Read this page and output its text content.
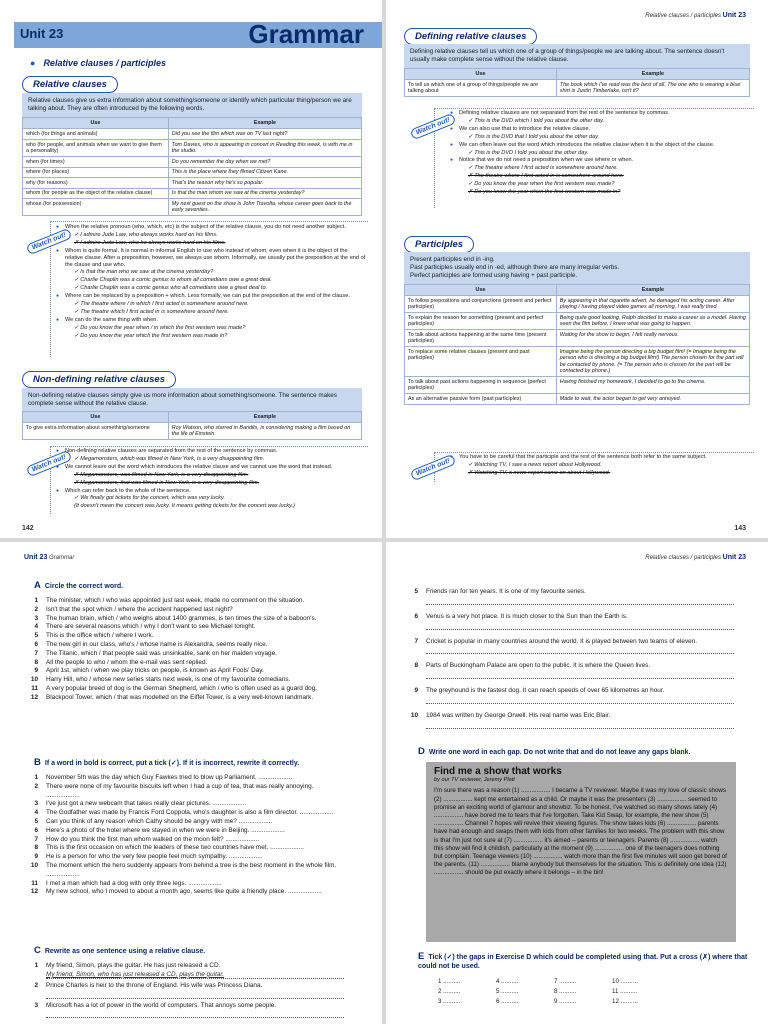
Unit 23	Grammar
● Relative clauses / participles
Relative clauses
Relative clauses give us extra information about something/someone or identify which particular thing/person we are talking about. They are often introduced by the following words.
Use	Example
which (for things and animals)	Did you see the film which was on TV last night?
who (for people, and animals when we want to give them a personality)	Tom Davies, who is appearing in concert in Reading this week, is with me in the studio.
when (for times)	Do you remember the day when we met?
where (for places)	This is the place where they filmed Citizen Kane.
why (for reasons)	That's the reason why he's so popular.
whom (for people as the object of the relative clause)	Is that the man whom we saw at the cinema yesterday?
whose (for possession)	My next guest on the show is John Travolta, whose career goes back to the early seventies.
Watch out!

● When the relative pronoun (who, which, etc) is the subject of the relative clause, you do not need another subject.

✓ I admire Jude Law, who always works hard on his films.

✗ I admire Jude Law, who he always works hard on his films.

● Whom is quite formal. It is normal in informal English to use who instead of whom, even when it is the object of the relative clause. After a preposition, however, we always use whom. Informally, we usually put the preposition at the end of the clause and use who.

✓ Is that the man who we saw at the cinema yesterday?

✓ Charlie Chaplin was a comic genius to whom all comedians owe a great deal.

✓ Charlie Chaplin was a comic genius who all comedians owe a great deal to.

● Where can be replaced by a preposition + which. Less formally, we can put the preposition at the end of the clause.

✓ The theatre where / in which I first acted is somewhere around here.

✓ The theatre which I first acted in is somewhere around here.

● We can do the same thing with when.

✓ Do you know the year when / in which the first western was made?

✓ Do you know the year which the first western was made in?

Non-defining relative clauses
Non-defining relative clauses simply give us more information about something/someone. The sentence makes complete sense without the relative clause.
Use	Example
To give extra information about something/someone	Roy Watson, who starred in Bandits, is considering making a film based on the life of Einstein.
Watch out!

● Non-defining relative clauses are separated from the rest of the sentence by commas.

✓ Megamonsters, which was filmed in New York, is a very disappointing film.

● We cannot leave out the word which introduces the relative clause and we cannot use the word that instead.

✗ Megamonsters, was filmed in New York, is a very disappointing film.

✗ Megamonsters, that was filmed in New York, is a very disappointing film.

● Which can refer back to the whole of the sentence.

✓ We finally got tickets for the concert, which was very lucky.

(It doesn't mean the concert was lucky. It means getting tickets for the concert was lucky.)

142
Relative clauses / participles Unit 23
Defining relative clauses
Defining relative clauses tell us which one of a group of things/people we are talking about. The sentence doesn't usually make complete sense without the relative clause.
Use	Example
To tell us which one of a group of things/people we are talking about	The book which I've read was the best of all. The one who is wearing a blue shirt is Justin Timberlake, isn't it?
Watch out!

● Defining relative clauses are not separated from the rest of the sentence by commas.

✓ This is the DVD which I told you about the other day.

● We can also use that to introduce the relative clause.

✓ This is the DVD that I told you about the other day.

● We can often leave out the word which introduces the relative clause when it is the object of the clause.

✓ This is the DVD I told you about the other day.

● Notice that we do not need a preposition when we use where or when.

✓ The theatre where I first acted is somewhere around here.

✗ The theatre where I first acted in is somewhere around here.

✓ Do you know the year when the first western was made?

✗ Do you know the year when the first western was made in?

Participles
Present participles end in -ing.
Past participles usually end in -ed, although there are many irregular verbs.
Perfect participles are formed using having + past participle.
Use	Example
To follow prepositions and conjunctions (present and perfect participles)	By appearing in that cigarette advert, he damaged his acting career. After playing / having played video games all morning, I was really tired.
To explain the reason for something (present and perfect participles)	Being quite good looking, Ralph decided to make a career as a model. Having seen the film before, I knew what was going to happen.
To talk about actions happening at the same time (present participles)	Waiting for the show to begin, I felt really nervous.
To replace some relative clauses (present and past participles)	Imagine being the person directing a big budget film! (= Imagine being the person who is directing a big budget film!) The person chosen for the part will be contacted by phone. (= The person who is chosen for the part will be contacted by phone.)
To talk about past actions happening in sequence (perfect participles)	Having finished my homework, I decided to go to the cinema.
As an alternative passive form (past participles)	Made to wait, the actor began to get very annoyed.
Watch out!

● You have to be careful that the participle and the rest of the sentence both refer to the same subject.

✓ Watching TV, I saw a news report about Hollywood.

✗ Watching TV, a news report came on about Hollywood.

143
Unit 23 Grammar
A Circle the correct word.
1	The minister, which / who was appointed just last week, made no comment on the situation.
2	Isn't that the spot which / where the accident happened last night?
3	The human brain, which / who weighs about 1400 grammes, is ten times the size of a baboon's.
4	There are several reasons which / why I don't want to see Michael tonight.
5	This is the office which / where I work.
6	The new girl in our class, who's / whose name is Alexandra, seems really nice.
7	The Titanic, which / that people said was unsinkable, sank on her maiden voyage.
8	All the people to who / whom the e-mail was sent replied.
9	April 1st, which / when we play tricks on people, is known as April Fools' Day.
10	Harry Hill, who / whose new series starts next week, is one of my favourite comedians.
11	A very popular breed of dog is the German Shepherd, which / who is often used as a guard dog.
12	Blackpool Tower, which / that was modelled on the Eiffel Tower, is a very well-known landmark.
B If a word in bold is correct, put a tick (✓). If it is incorrect, rewrite it correctly.
1	November 5th was the day which Guy Fawkes tried to blow up Parliament. ...................
2	There were none of my favourite biscuits left when I had a cup of tea, that was really annoying. ...................
3	I've just got a new webcam that takes really clear pictures. ...................
4	The Godfather was made by Francis Ford Coppola, who's daughter is also a film director. ...................
5	Can you think of any reason which Cathy should be angry with me? ...................
6	Here's a photo of the hotel where we stayed in when we were in Beijing. ...................
7	How do you think the first man whom walked on the moon felt? ...................
8	This is the first occasion on which the leaders of these two countries have met. ...................
9	He is a person for who the very few people feel much sympathy. ...................
10	The moment which the hero suddenly appears from behind a tree is the best moment in the whole film. ...................
11	I met a man which had a dog with only three legs. ...................
12	My new school, who I moved to about a month ago, seems like quite a friendly place. ...................
C Rewrite as one sentence using a relative clause.
1	My friend, Simon, plays the guitar. He has just released a CD.
My friend, Simon, who has just released a CD, plays the guitar.
2	Prince Charles is heir to the throne of England. His wife was Princess Diana.
3	Microsoft has a lot of power in the world of computers. That annoys some people.
Relative clauses / participles Unit 23
5	Friends ran for ten years. It is one of my favourite series.
6	Venus is a very hot place. It is much closer to the Sun than the Earth is.
7	Cricket is popular in many countries around the world. It is played between two teams of eleven.
8	Parts of Buckingham Palace are open to the public. It is where the Queen lives.
9	The greyhound is the fastest dog. It can reach speeds of over 65 kilometres an hour.
10	1984 was written by George Orwell. His real name was Eric Blair.
D Write one word in each gap. Do not write that and do not leave any gaps blank.
Find me a show that works
by our TV reviewer, Jeremy Platt
I'm sure there was a reason (1) ................. I became a TV reviewer. Maybe it was my love of classic shows (2) ................. kept me entertained as a child. Or maybe it was the presenters (3) ................. seemed to promise an exciting world of glamour and showbiz. To be honest, I've watched so many shows lately (4) ................. have bored me to tears that I've forgotten. Take Kid Swap, for example, the new show (5) ................. Channel 7 hopes will revive their viewing figures. The show takes kids (6) ................. parents have had enough and swaps them with kids from other families for two weeks. The problem with this show is that I'm just not sure at (7) ................. it's aimed – parents or teenagers. Parents (8) ................. watch this show will find it childish, particularly at the moment (9) ................. one of the teenagers does nothing but complain. Teenage viewers (10) ................. watch more than the first five minutes will soon get bored of the parents, (11) ................. blame anybody but themselves for the situation. This is definitely one idea (12) ................. should be put exactly where it belongs – in the bin!
E Tick (✓) the gaps in Exercise D which could be completed using that. Put a cross (✗) where that could not be used.
1 ..........	4 ..........	7 ..........	10 ..........
2 ..........	5 ..........	8 ..........	11 ..........
3 ..........	6 ..........	9 ..........	12 ..........
